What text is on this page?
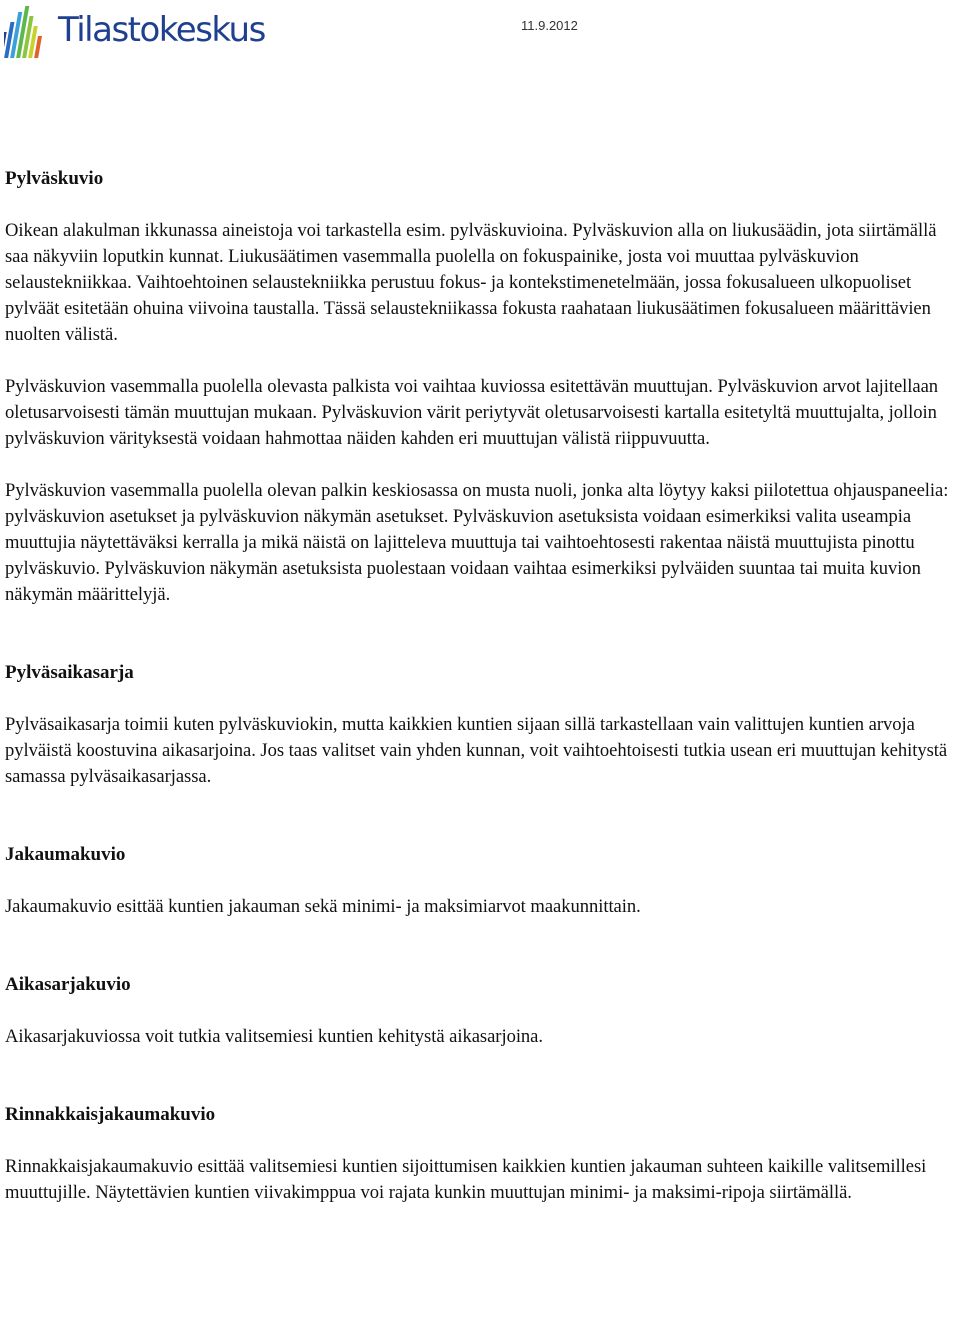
Tilastokeskus	11.9.2012
Pylväskuvio

Oikean alakulman ikkunassa aineistoja voi tarkastella esim. pylväskuvioina. Pylväskuvion alla on liukusäädin, jota siirtämällä saa näkyviin loputkin kunnat. Liukusäätimen vasemmalla puolella on fokuspainike, josta voi muuttaa pylväskuvion selaustekniikkaa. Vaihtoehtoinen selaustekniikka perustuu fokus- ja kontekstimenetelmään, jossa fokusalueen ulkopuoliset pylväät esitetään ohuina viivoina taustalla. Tässä selaustekniikassa fokusta raahataan liukusäätimen fokusalueen määrittävien nuolten välistä.

Pylväskuvion vasemmalla puolella olevasta palkista voi vaihtaa kuviossa esitettävän muuttujan. Pylväskuvion arvot lajitellaan oletusarvoisesti tämän muuttujan mukaan. Pylväskuvion värit periytyvät oletusarvoisesti kartalla esitetyltä muuttujalta, jolloin pylväskuvion värityksestä voidaan hahmottaa näiden kahden eri muuttujan välistä riippuvuutta.

Pylväskuvion vasemmalla puolella olevan palkin keskiosassa on musta nuoli, jonka alta löytyy kaksi piilotettua ohjauspaneelia: pylväskuvion asetukset ja pylväskuvion näkymän asetukset. Pylväskuvion asetuksista voidaan esimerkiksi valita useampia muuttujia näytettäväksi kerralla ja mikä näistä on lajitteleva muuttuja tai vaihtoehtosesti rakentaa näistä muuttujista pinottu pylväskuvio. Pylväskuvion näkymän asetuksista puolestaan voidaan vaihtaa esimerkiksi pylväiden suuntaa tai muita kuvion näkymän määrittelyjä.

Pylväsaikasarja

Pylväsaikasarja toimii kuten pylväskuviokin, mutta kaikkien kuntien sijaan sillä tarkastellaan vain valittujen kuntien arvoja pylväistä koostuvina aikasarjoina. Jos taas valitset vain yhden kunnan, voit vaihtoehtoisesti tutkia usean eri muuttujan kehitystä samassa pylväsaikasarjassa.

Jakaumakuvio

Jakaumakuvio esittää kuntien jakauman sekä minimi- ja maksimiarvot maakunnittain.

Aikasarjakuvio

Aikasarjakuviossa voit tutkia valitsemiesi kuntien kehitystä aikasarjoina.

Rinnakkaisjakaumakuvio

Rinnakkaisjakaumakuvio esittää valitsemiesi kuntien sijoittumisen kaikkien kuntien jakauman suhteen kaikille valitsemillesi muuttujille. Näytettävien kuntien viivakimppua voi rajata kunkin muuttujan minimi- ja maksimi-ripoja siirtämällä.
